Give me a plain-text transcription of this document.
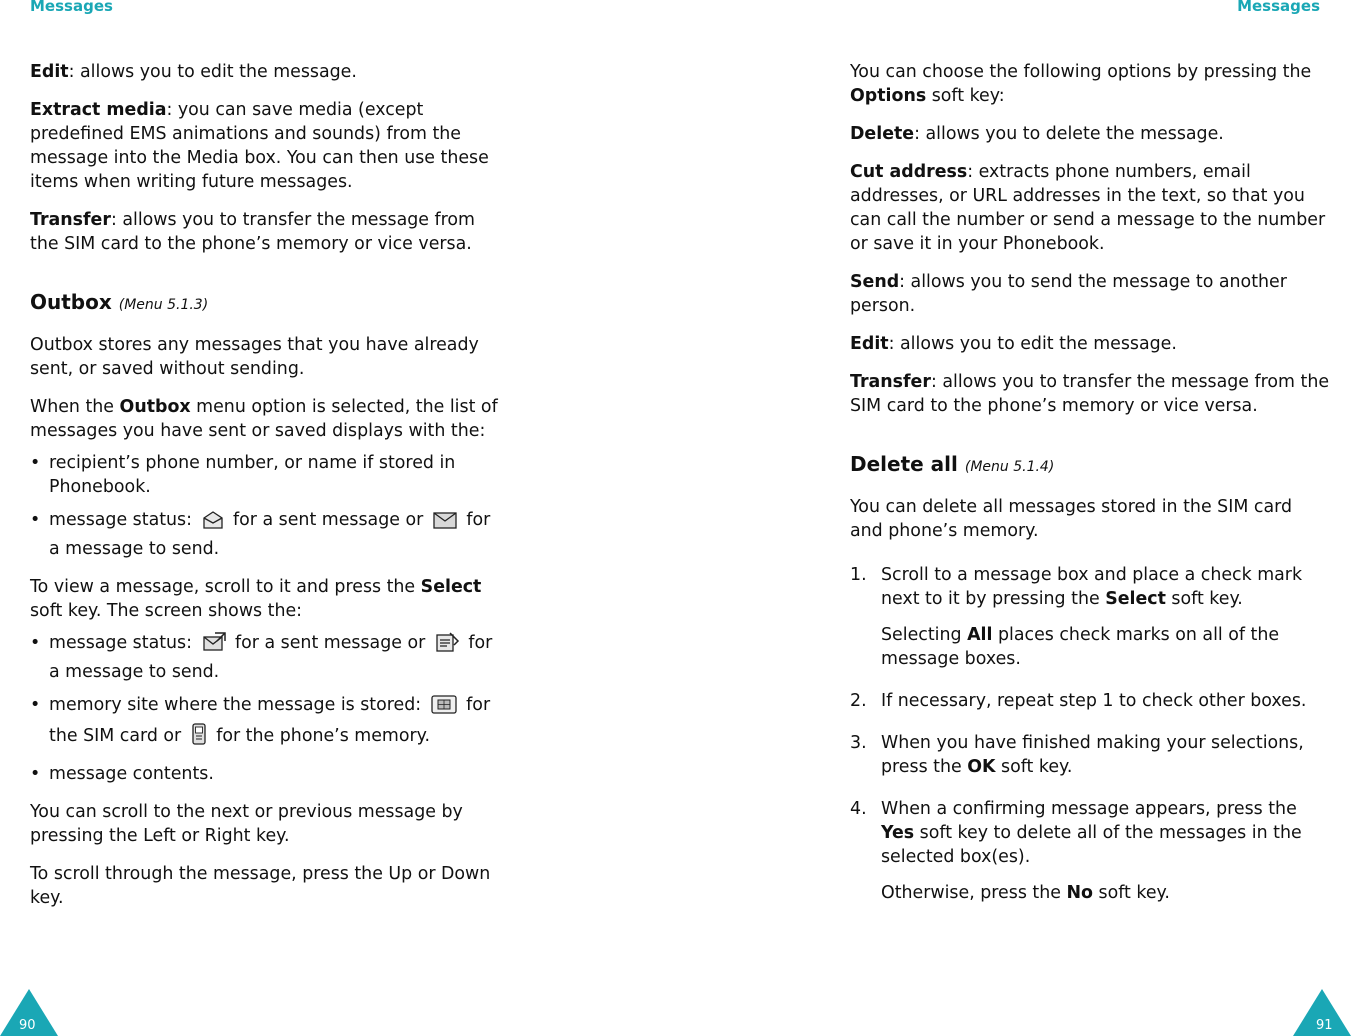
Messages	Messages

Edit: allows you to edit the message.

Extract media: you can save media (except predefined EMS animations and sounds) from the message into the Media box. You can then use these items when writing future messages.

Transfer: allows you to transfer the message from the SIM card to the phone’s memory or vice versa.

Outbox (Menu 5.1.3)

Outbox stores any messages that you have already sent, or saved without sending.

When the Outbox menu option is selected, the list of messages you have sent or saved displays with the:

• recipient’s phone number, or name if stored in Phonebook.
• message status:  for a sent message or  for a message to send.

To view a message, scroll to it and press the Select soft key. The screen shows the:

• message status:  for a sent message or  for a message to send.
• memory site where the message is stored:  for the SIM card or  for the phone’s memory.
• message contents.

You can scroll to the next or previous message by pressing the Left or Right key.

To scroll through the message, press the Up or Down key.

You can choose the following options by pressing the Options soft key:

Delete: allows you to delete the message.

Cut address: extracts phone numbers, email addresses, or URL addresses in the text, so that you can call the number or send a message to the number or save it in your Phonebook.

Send: allows you to send the message to another person.

Edit: allows you to edit the message.

Transfer: allows you to transfer the message from the SIM card to the phone’s memory or vice versa.

Delete all (Menu 5.1.4)

You can delete all messages stored in the SIM card and phone’s memory.

1. Scroll to a message box and place a check mark next to it by pressing the Select soft key.
Selecting All places check marks on all of the message boxes.
2. If necessary, repeat step 1 to check other boxes.
3. When you have finished making your selections, press the OK soft key.
4. When a confirming message appears, press the Yes soft key to delete all of the messages in the selected box(es).
Otherwise, press the No soft key.
90	91
